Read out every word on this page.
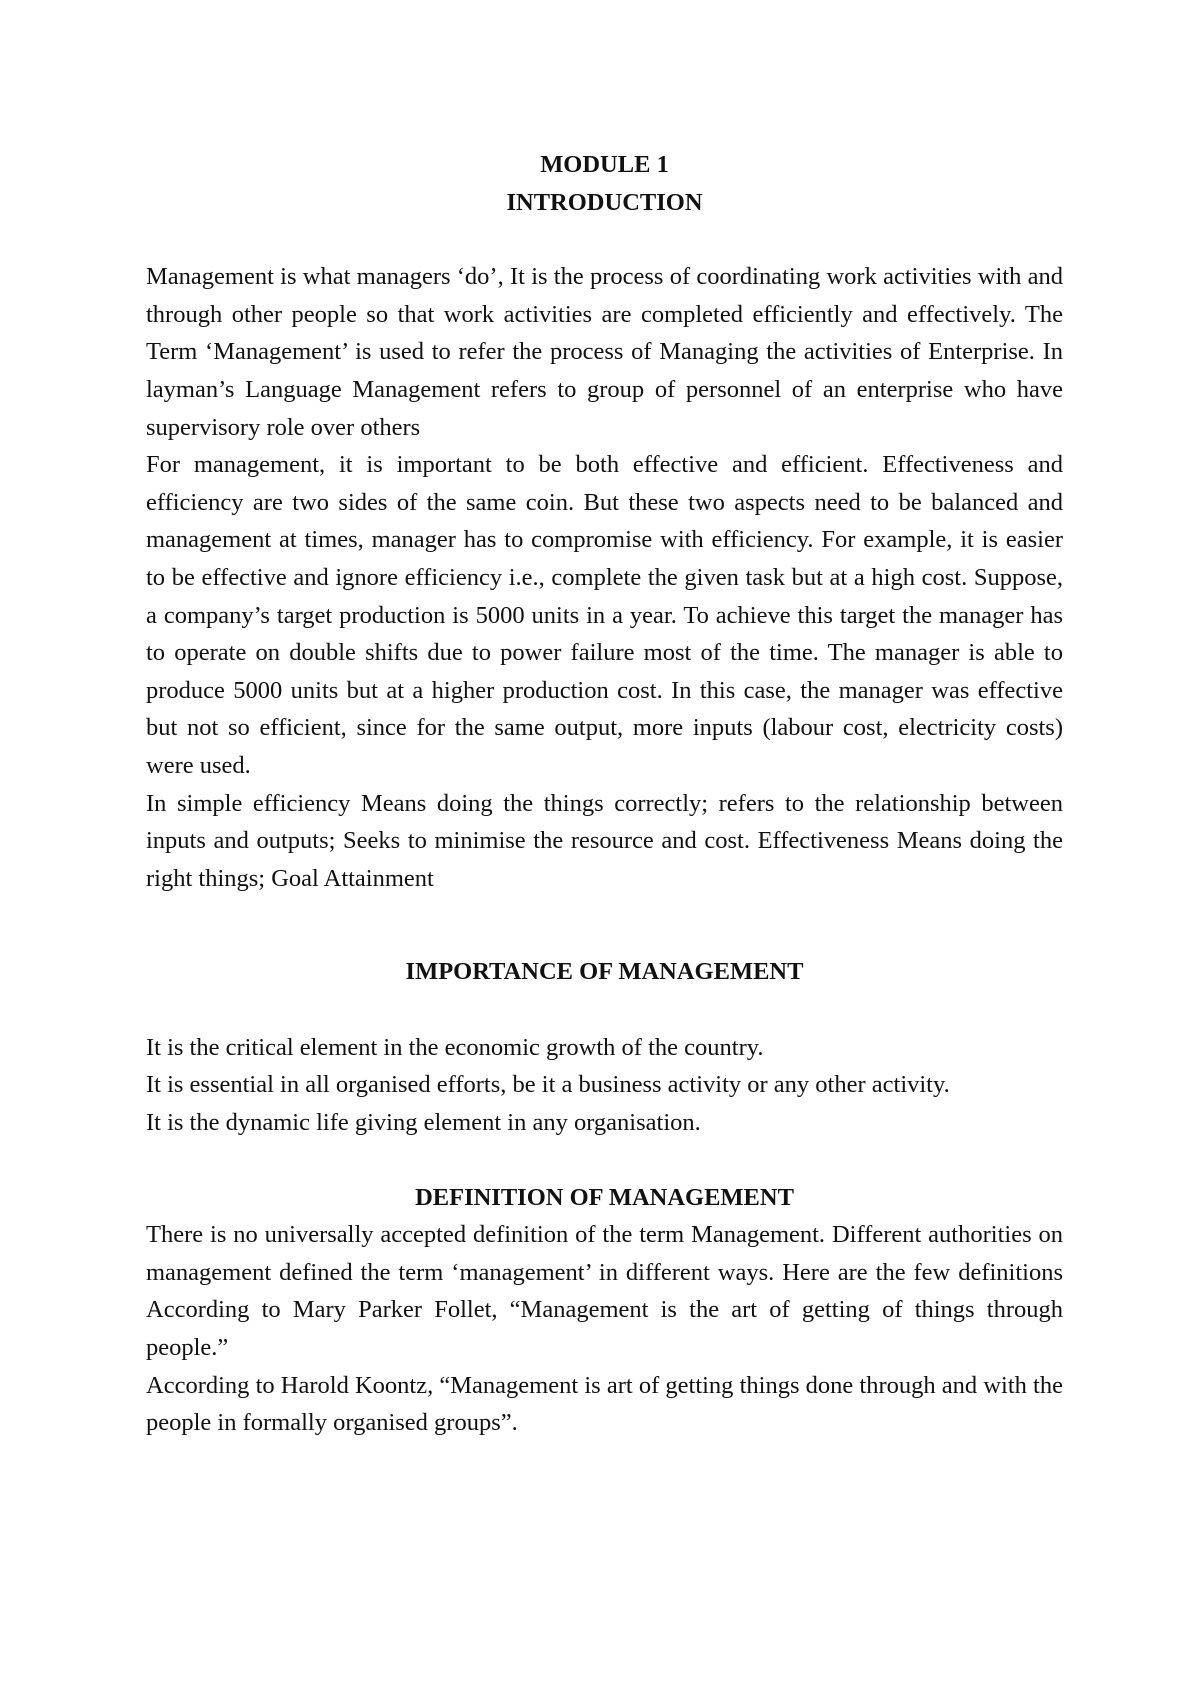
MODULE 1

INTRODUCTION

Management is what managers ‘do’, It is the process of coordinating work activities with and through other people so that work activities are completed efficiently and effectively. The Term ‘Management’ is used to refer the process of Managing the activities of Enterprise. In layman’s Language Management refers to group of personnel of an enterprise who have supervisory role over others

For management, it is important to be both effective and efficient. Effectiveness and efficiency are two sides of the same coin. But these two aspects need to be balanced and management at times, manager has to compromise with efficiency. For example, it is easier to be effective and ignore efficiency i.e., complete the given task but at a high cost. Suppose, a company’s target production is 5000 units in a year. To achieve this target the manager has to operate on double shifts due to power failure most of the time. The manager is able to produce 5000 units but at a higher production cost. In this case, the manager was effective but not so efficient, since for the same output, more inputs (labour cost, electricity costs) were used.

In simple efficiency Means doing the things correctly; refers to the relationship between inputs and outputs; Seeks to minimise the resource and cost. Effectiveness Means doing the right things; Goal Attainment

IMPORTANCE OF MANAGEMENT

It is the critical element in the economic growth of the country.

It is essential in all organised efforts, be it a business activity or any other activity.

It is the dynamic life giving element in any organisation.

DEFINITION OF MANAGEMENT

There is no universally accepted definition of the term Management. Different authorities on management defined the term ‘management’ in different ways. Here are the few definitions According to Mary Parker Follet, “Management is the art of getting of things through people.”

According to Harold Koontz, “Management is art of getting things done through and with the people in formally organised groups”.
